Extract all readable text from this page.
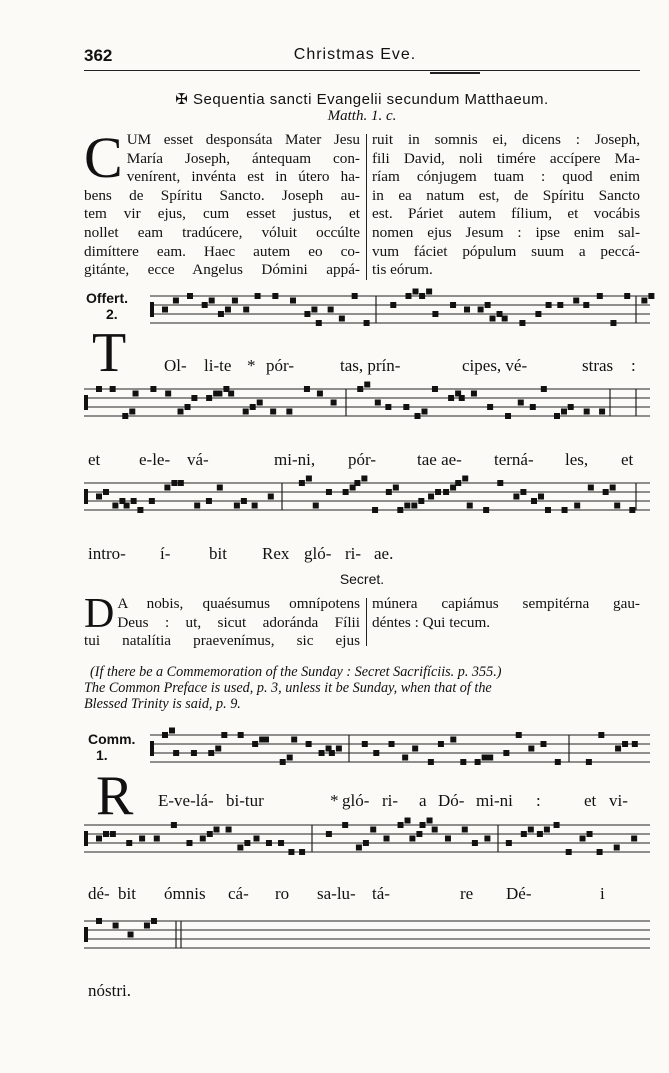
362	Christmas Eve.
✠ Sequentia sancti Evangelii secundum Matthaeum.
Matth. 1. c.
C UM esset desponsáta Mater Jesu
María Joseph, ántequam con-
venírent, invénta est in útero ha-
bens de Spíritu Sancto. Joseph au-
tem vir ejus, cum esset justus, et
nollet eam tradúcere, vóluit occúlte
dimíttere eam. Haec autem eo co-
gitánte, ecce Angelus Dómini appá-
ruit in somnis ei, dicens : Joseph,
fili David, noli timére accípere Ma-
ríam cónjugem tuam : quod enim
in ea natum est, de Spíritu Sancto
est. Páriet autem fílium, et vocábis
nomen ejus Jesum : ipse enim sal-
vum fáciet pópulum suum a peccá-
tis eórum.
Offert.
2.
T Ol- li-te * pór-	tas, prín-	cipes, vé-	stras :
et e-le- vá-	mi-ni, pór- tae ae- terná- les, et
intro- í- bit Rex gló- ri- ae.
Secret.
D A nobis, quaésumus omnípotens
Deus : ut, sicut adoránda Fílii
tui natalítia praevenímus, sic ejus
múnera capiámus sempitérna gau-
déntes : Qui tecum.
(If there be a Commemoration of the Sunday : Secret Sacrifíciis. p. 355.)
The Common Preface is used, p. 3, unless it be Sunday, when that of the
Blessed Trinity is said, p. 9.
Comm.
1.
R E-ve-lá- bi-tur	* gló- ri- a Dó- mi-ni :	et vi-
dé- bit ómnis cá- ro sa-lu- tá-	re Dé-	i
nóstri.
